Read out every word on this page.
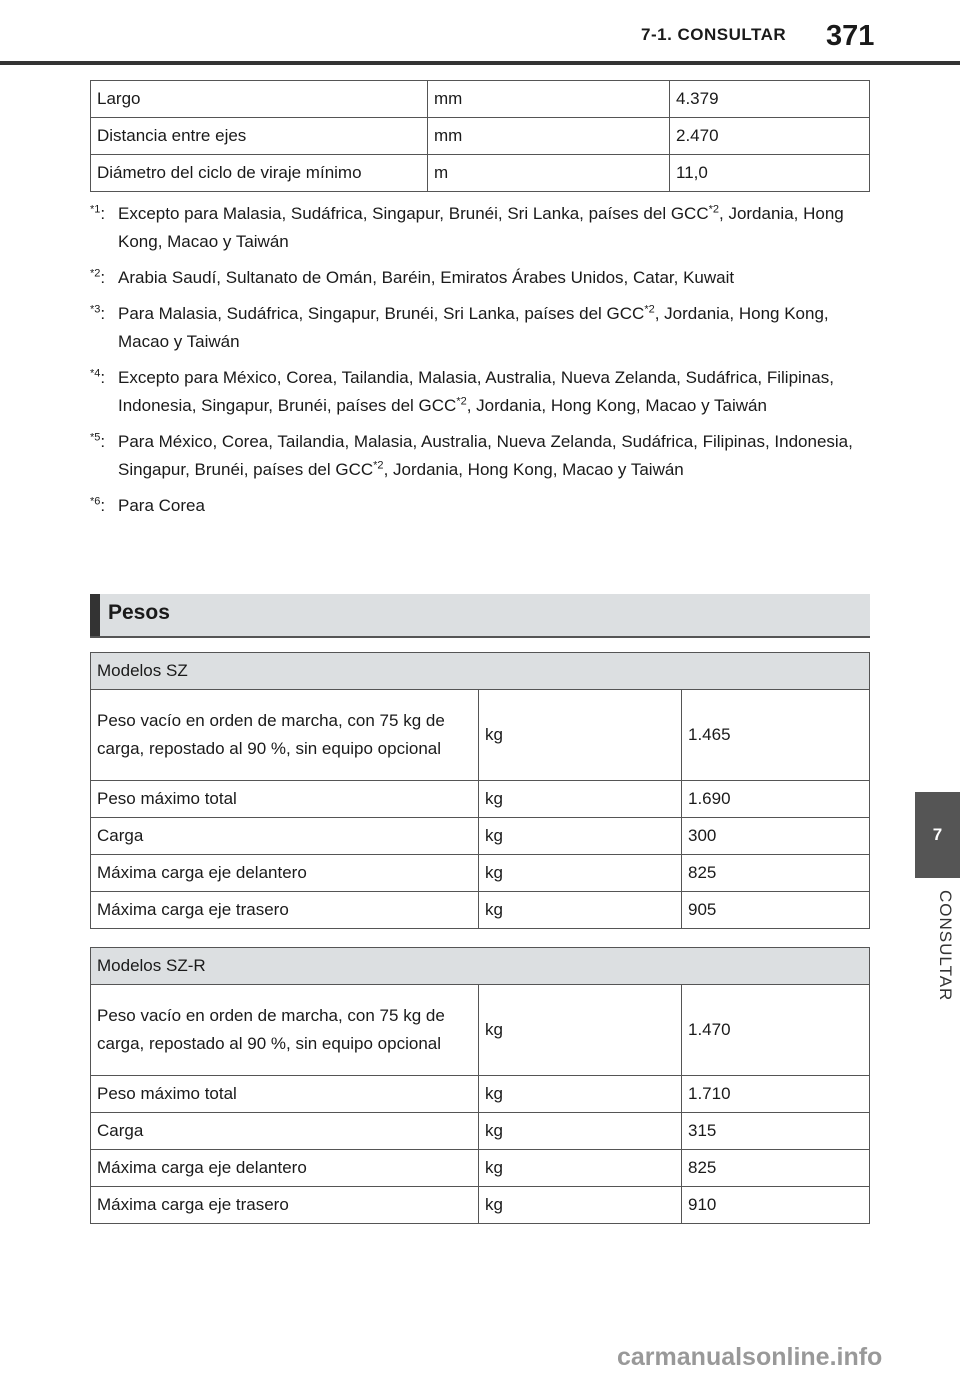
7-1. CONSULTAR 371
7
CONSULTAR
Largo	mm	4.379
Distancia entre ejes	mm	2.470
Diámetro del ciclo de viraje mínimo	m	11,0
$^{*1}$: Excepto para Malasia, Sudáfrica, Singapur, Brunéi, Sri Lanka, países del GCC$^{*2}$, Jordania, Hong Kong, Macao y Taiwán
$^{*2}$: Arabia Saudí, Sultanato de Omán, Baréin, Emiratos Árabes Unidos, Catar, Kuwait
$^{*3}$: Para Malasia, Sudáfrica, Singapur, Brunéi, Sri Lanka, países del GCC$^{*2}$, Jordania, Hong Kong, Macao y Taiwán
$^{*4}$: Excepto para México, Corea, Tailandia, Malasia, Australia, Nueva Zelanda, Sudáfrica, Filipinas, Indonesia, Singapur, Brunéi, países del GCC$^{*2}$, Jordania, Hong Kong, Macao y Taiwán
$^{*5}$: Para México, Corea, Tailandia, Malasia, Australia, Nueva Zelanda, Sudáfrica, Filipinas, Indonesia, Singapur, Brunéi, países del GCC$^{*2}$, Jordania, Hong Kong, Macao y Taiwán
$^{*6}$: Para Corea
Pesos
Modelos SZ		
Peso vacío en orden de marcha, con 75 kg de carga, repostado al 90 %, sin equipo opcional	kg	1.465
Peso máximo total	kg	1.690
Carga	kg	300
Máxima carga eje delantero	kg	825
Máxima carga eje trasero	kg	905
Modelos SZ-R		
Peso vacío en orden de marcha, con 75 kg de carga, repostado al 90 %, sin equipo opcional	kg	1.470
Peso máximo total	kg	1.710
Carga	kg	315
Máxima carga eje delantero	kg	825
Máxima carga eje trasero	kg	910
carmanualsonline.info
